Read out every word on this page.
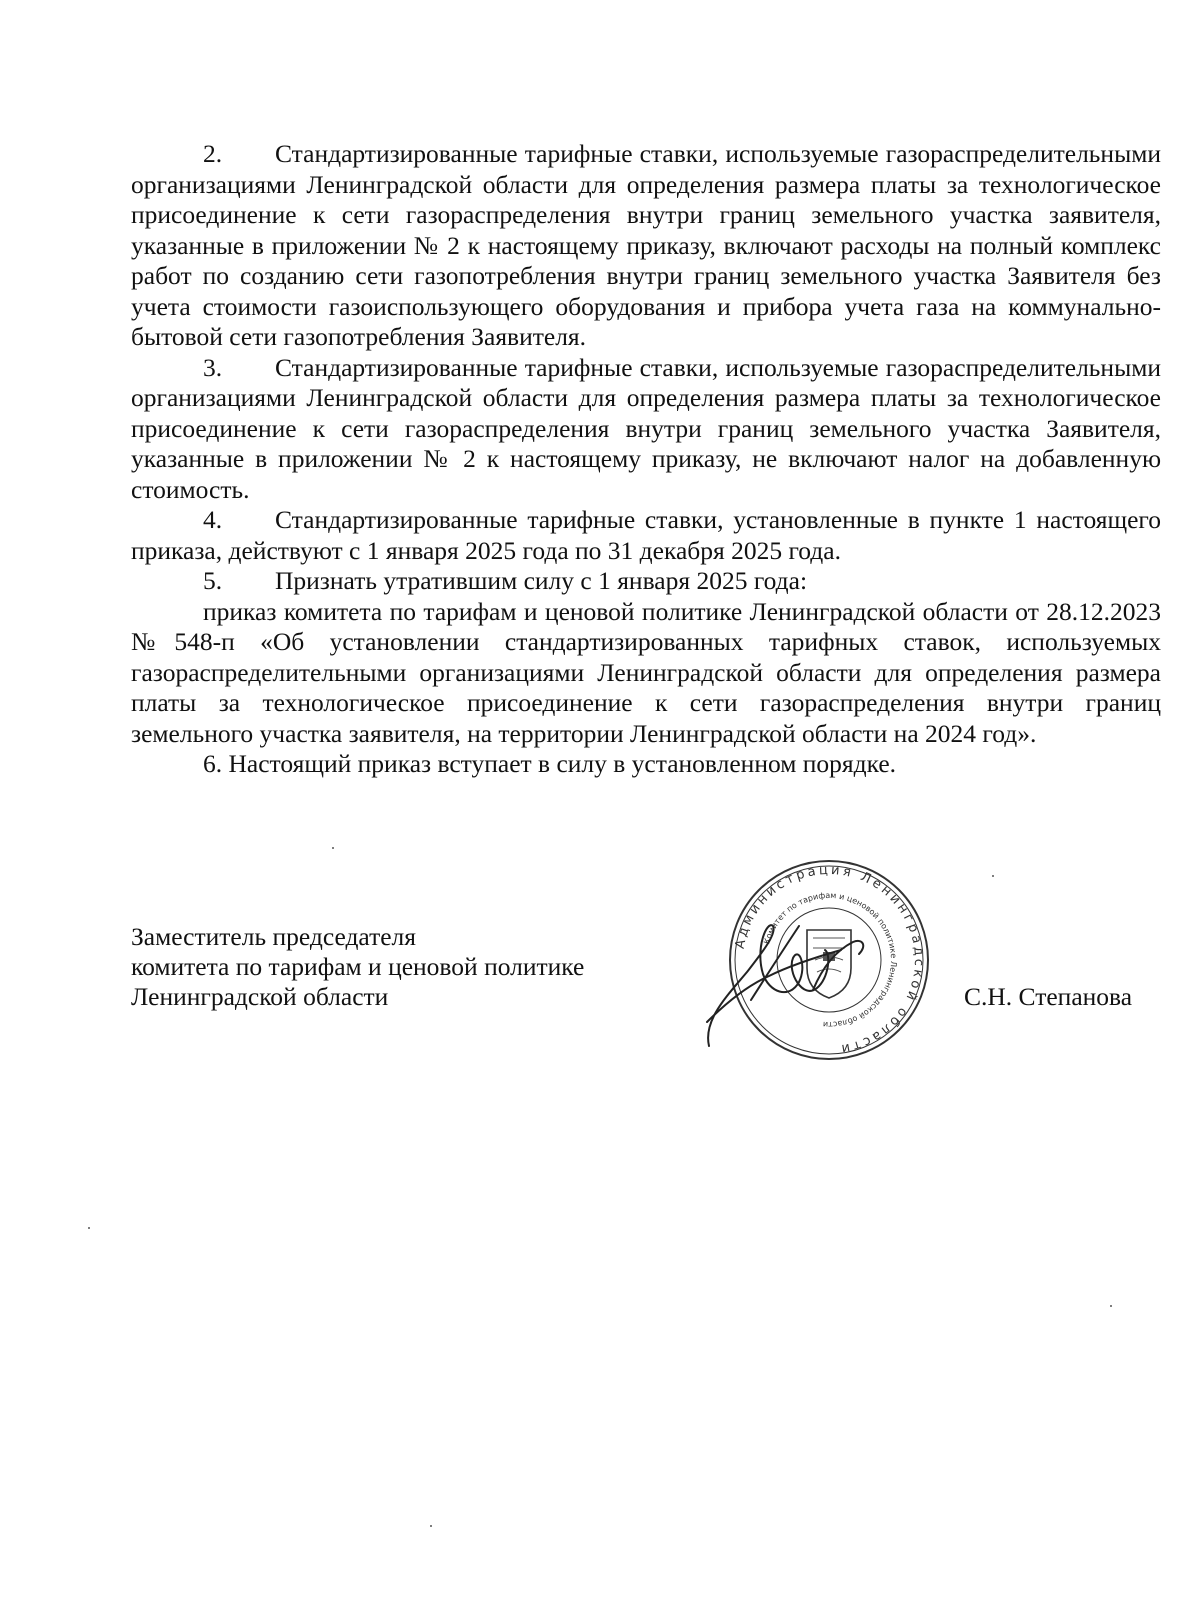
2. Стандартизированные тарифные ставки, используемые газораспределительными организациями Ленинградской области для определения размера платы за технологическое присоединение к сети газораспределения внутри границ земельного участка заявителя, указанные в приложении № 2 к настоящему приказу, включают расходы на полный комплекс работ по созданию сети газопотребления внутри границ земельного участка Заявителя без учета стоимости газоиспользующего оборудования и прибора учета газа на коммунально-бытовой сети газопотребления Заявителя.

3. Стандартизированные тарифные ставки, используемые газораспределительными организациями Ленинградской области для определения размера платы за технологическое присоединение к сети газораспределения внутри границ земельного участка Заявителя, указанные в приложении № 2 к настоящему приказу, не включают налог на добавленную стоимость.

4. Стандартизированные тарифные ставки, установленные в пункте 1 настоящего приказа, действуют с 1 января 2025 года по 31 декабря 2025 года.

5. Признать утратившим силу с 1 января 2025 года:

приказ комитета по тарифам и ценовой политике Ленинградской области от 28.12.2023 №548-п «Об установлении стандартизированных тарифных ставок, используемых газораспределительными организациями Ленинградской области для определения размера платы за технологическое присоединение к сети газораспределения внутри границ земельного участка заявителя, на территории Ленинградской области на 2024 год».

6. Настоящий приказ вступает в силу в установленном порядке.

Заместитель председателя
комитета по тарифам и ценовой политике
Ленинградской области	С.Н. Степанова
Администрация Ленинградской области
Комитет по тарифам и ценовой политике Ленинградской области
